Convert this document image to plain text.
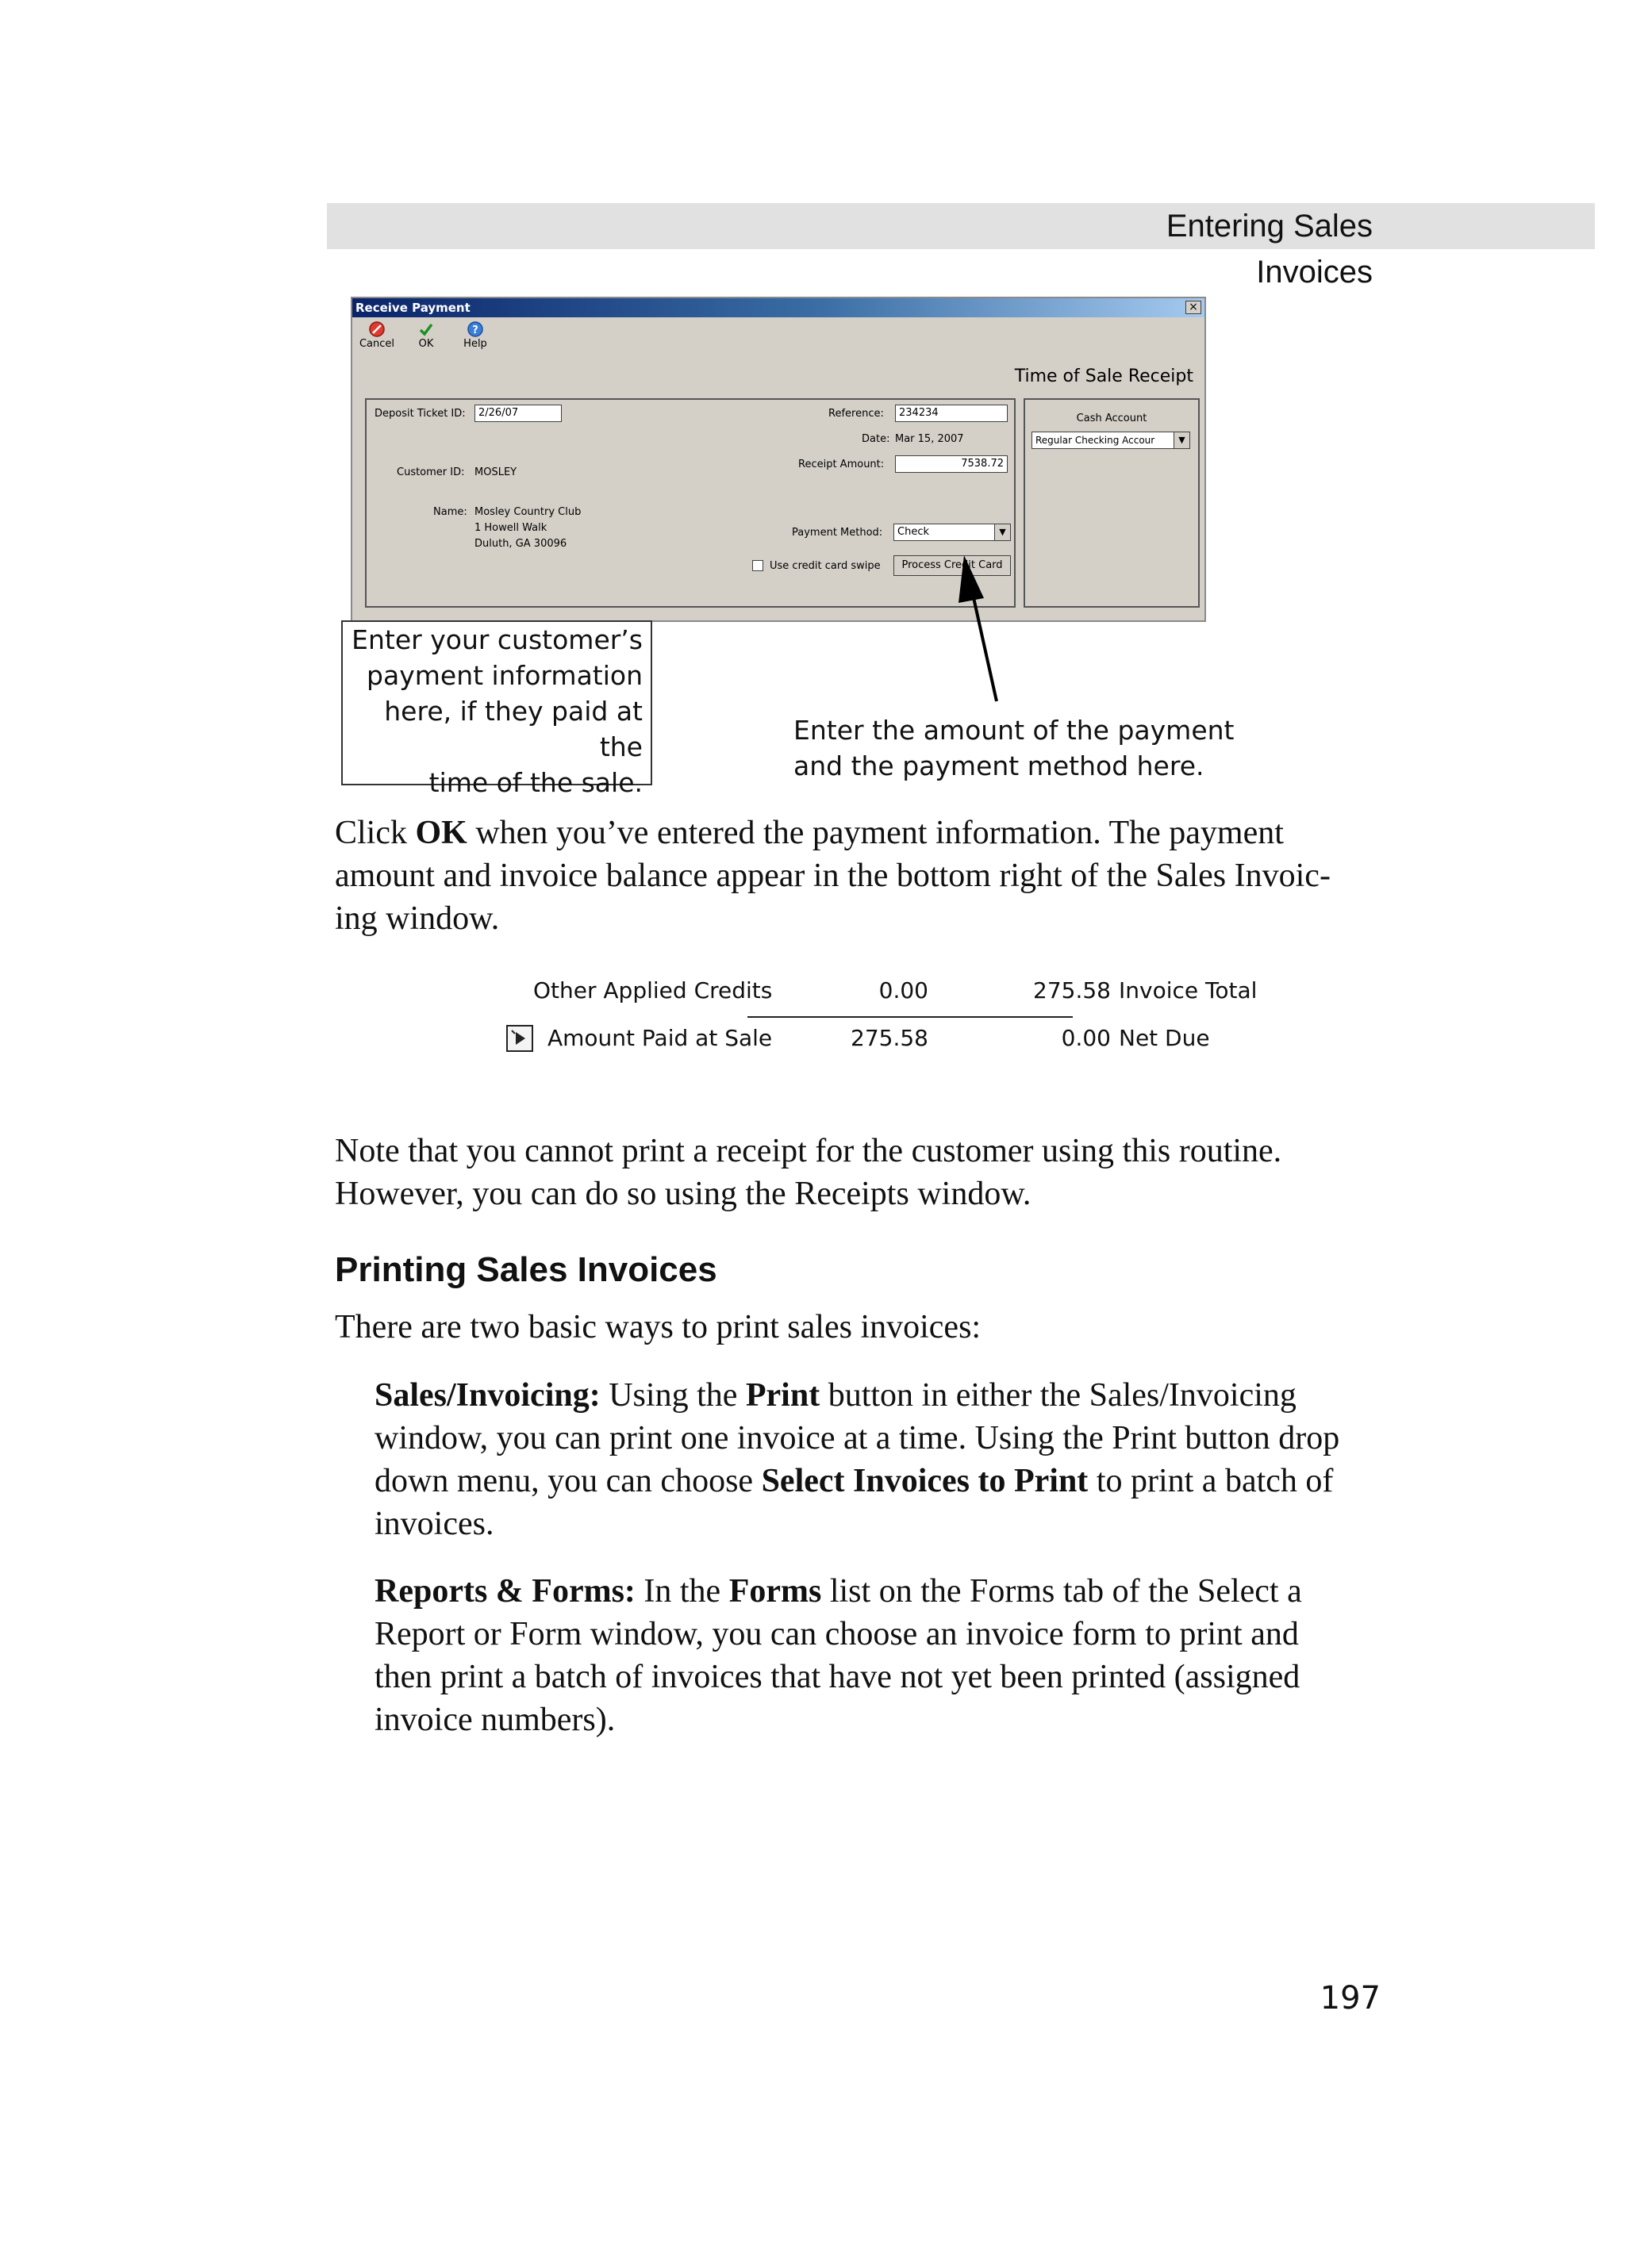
Entering Sales Invoices
Receive Payment	×
Cancel	OK
?
Help
Time of Sale Receipt
Deposit Ticket ID:	2/26/07
Customer ID: MOSLEY
Name: Mosley Country Club
1 Howell Walk
Duluth, GA 30096
Reference:	234234
Date: Mar 15, 2007
Receipt Amount:	7538.72
Payment Method:	Check	▼
Use credit card swipe	Process Credit Card
Cash Account
Regular Checking Accour	▼
Enter your customer’s
payment information
here, if they paid at the
time of the sale.
Enter the amount of the payment
and the payment method here.
Click OK when you’ve entered the payment information. The payment
amount and invoice balance appear in the bottom right of the Sales Invoic-
ing window.
Other Applied Credits	0.00	275.58 Invoice Total
Amount Paid at Sale	275.58	0.00 Net Due
Note that you cannot print a receipt for the customer using this routine.
However, you can do so using the Receipts window.
Printing Sales Invoices
There are two basic ways to print sales invoices:
Sales/Invoicing: Using the Print button in either the Sales/Invoicing
window, you can print one invoice at a time. Using the Print button drop
down menu, you can choose Select Invoices to Print to print a batch of
invoices.
Reports & Forms: In the Forms list on the Forms tab of the Select a
Report or Form window, you can choose an invoice form to print and
then print a batch of invoices that have not yet been printed (assigned
invoice numbers).
197
